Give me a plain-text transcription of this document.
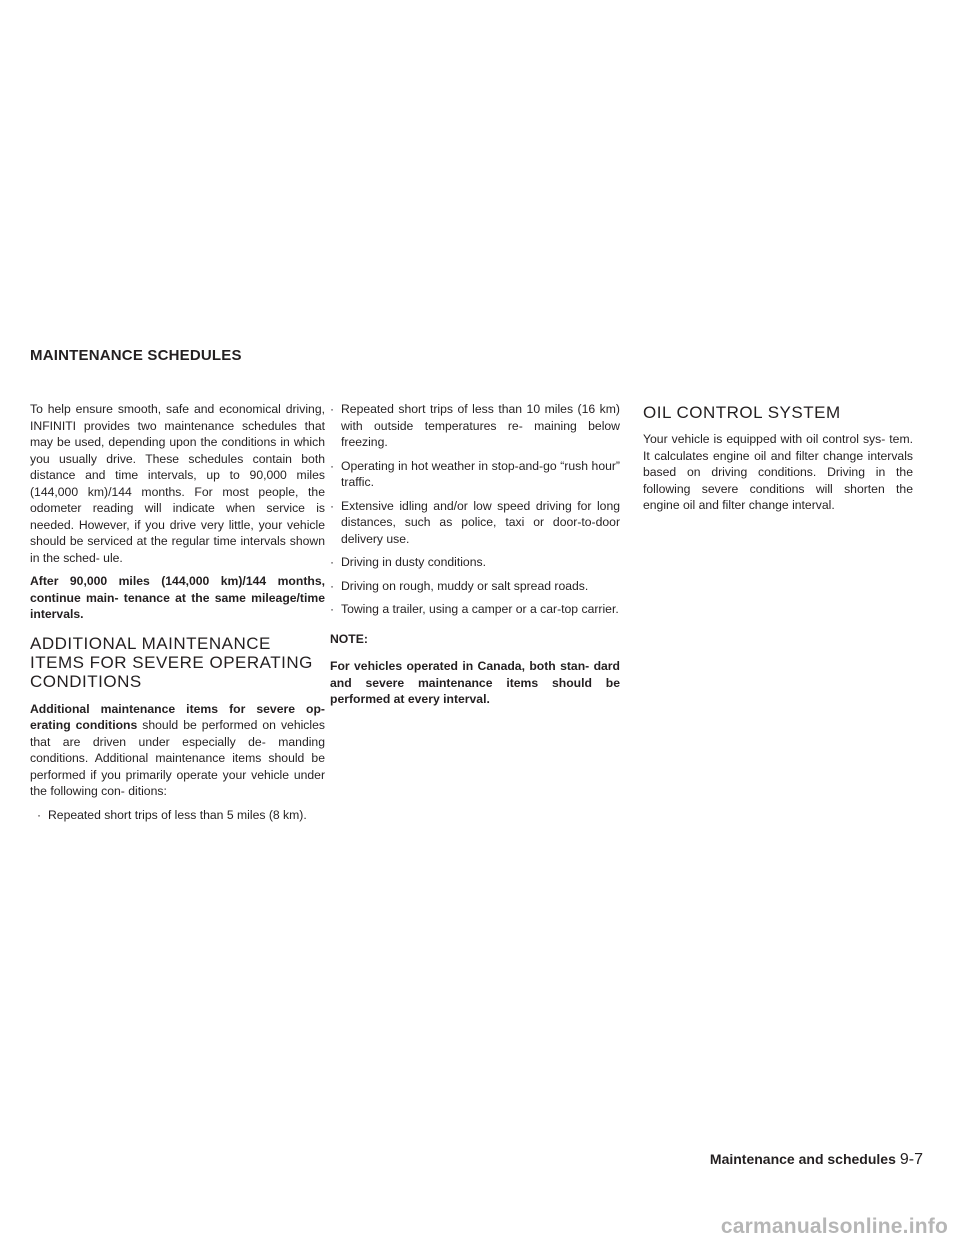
MAINTENANCE SCHEDULES

To help ensure smooth, safe and economical driving, INFINITI provides two maintenance schedules that may be used, depending upon the conditions in which you usually drive. These schedules contain both distance and time intervals, up to 90,000 miles (144,000 km)/144 months. For most people, the odometer reading will indicate when service is needed. However, if you drive very little, your vehicle should be serviced at the regular time intervals shown in the sched- ule.

After 90,000 miles (144,000 km)/144 months, continue main- tenance at the same mileage/time intervals.

ADDITIONAL MAINTENANCE ITEMS FOR SEVERE OPERATING CONDITIONS

Additional maintenance items for severe op- erating conditions should be performed on vehicles that are driven under especially de- manding conditions. Additional maintenance items should be performed if you primarily operate your vehicle under the following con- ditions:

· Repeated short trips of less than 5 miles (8 km).
· Repeated short trips of less than 10 miles (16 km) with outside temperatures re- maining below freezing.
· Operating in hot weather in stop-and-go “rush hour” traffic.
· Extensive idling and/or low speed driving for long distances, such as police, taxi or door-to-door delivery use.
· Driving in dusty conditions.
· Driving on rough, muddy or salt spread roads.
· Towing a trailer, using a camper or a car-top carrier.

NOTE:

For vehicles operated in Canada, both stan- dard and severe maintenance items should be performed at every interval.

OIL CONTROL SYSTEM

Your vehicle is equipped with oil control sys- tem. It calculates engine oil and filter change intervals based on driving conditions. Driving in the following severe conditions will shorten the engine oil and filter change interval.

Maintenance and schedules 9-7
carmanualsonline.info
